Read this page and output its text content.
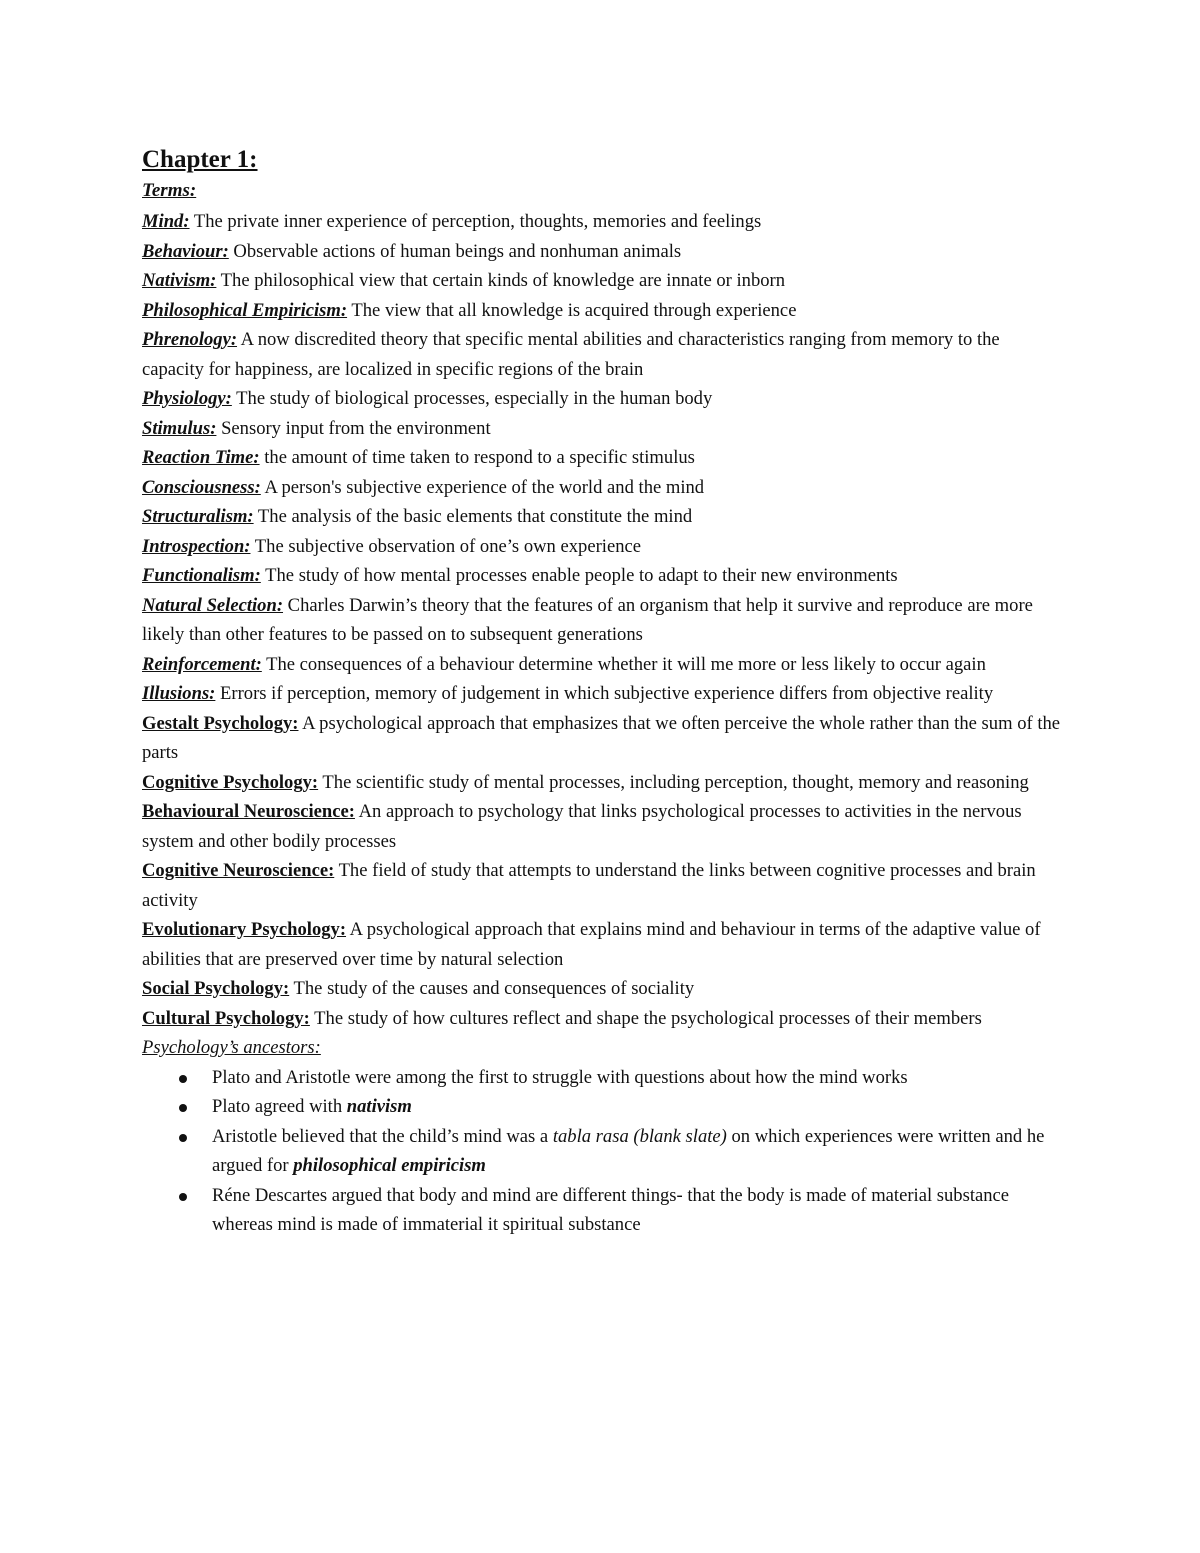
Chapter 1:
Terms:

Mind: The private inner experience of perception, thoughts, memories and feelings

Behaviour: Observable actions of human beings and nonhuman animals

Nativism: The philosophical view that certain kinds of knowledge are innate or inborn

Philosophical Empiricism: The view that all knowledge is acquired through experience

Phrenology: A now discredited theory that specific mental abilities and characteristics ranging from memory to the capacity for happiness, are localized in specific regions of the brain

Physiology: The study of biological processes, especially in the human body

Stimulus: Sensory input from the environment

Reaction Time: the amount of time taken to respond to a specific stimulus

Consciousness: A person's subjective experience of the world and the mind

Structuralism: The analysis of the basic elements that constitute the mind

Introspection: The subjective observation of one’s own experience

Functionalism: The study of how mental processes enable people to adapt to their new environments

Natural Selection: Charles Darwin’s theory that the features of an organism that help it survive and reproduce are more likely than other features to be passed on to subsequent generations

Reinforcement: The consequences of a behaviour determine whether it will me more or less likely to occur again

Illusions: Errors if perception, memory of judgement in which subjective experience differs from objective reality

Gestalt Psychology: A psychological approach that emphasizes that we often perceive the whole rather than the sum of the parts

Cognitive Psychology: The scientific study of mental processes, including perception, thought, memory and reasoning

Behavioural Neuroscience: An approach to psychology that links psychological processes to activities in the nervous system and other bodily processes

Cognitive Neuroscience: The field of study that attempts to understand the links between cognitive processes and brain activity

Evolutionary Psychology: A psychological approach that explains mind and behaviour in terms of the adaptive value of abilities that are preserved over time by natural selection

Social Psychology: The study of the causes and consequences of sociality

Cultural Psychology: The study of how cultures reflect and shape the psychological processes of their members

Psychology’s ancestors:
Plato and Aristotle were among the first to struggle with questions about how the mind works
Plato agreed with nativism
Aristotle believed that the child’s mind was a tabla rasa (blank slate) on which experiences were written and he argued for philosophical empiricism
Réne Descartes argued that body and mind are different things- that the body is made of material substance whereas mind is made of immaterial it spiritual substance
